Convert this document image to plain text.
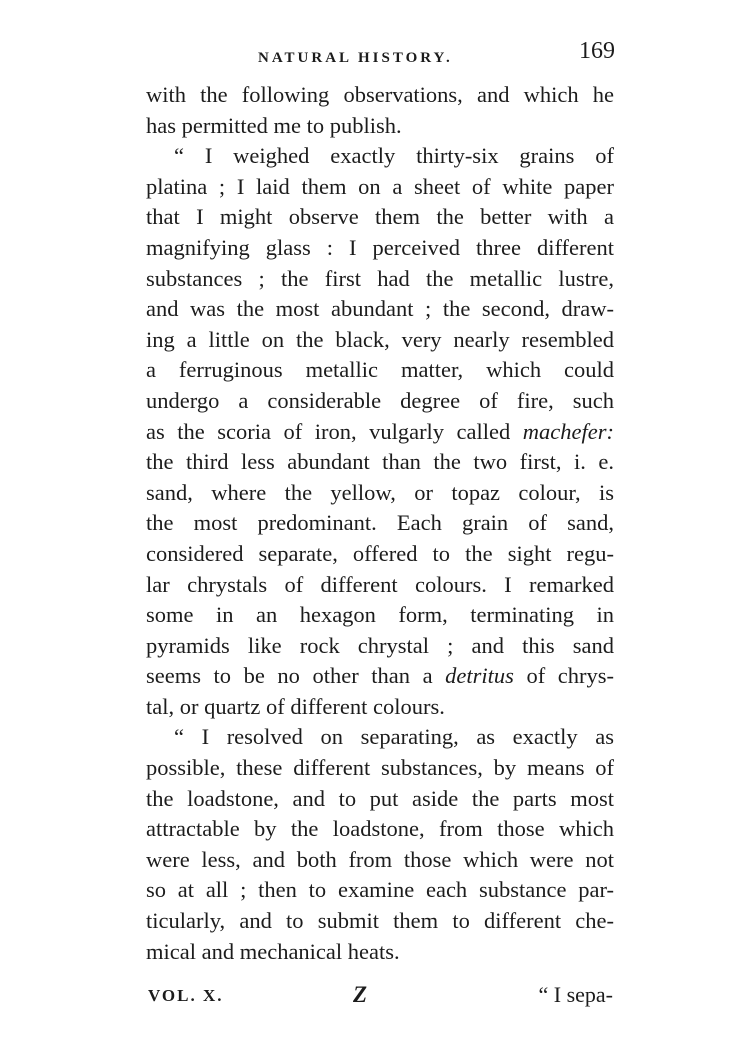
NATURAL HISTORY.	169
with the following observations, and which he
has permitted me to publish.
“ I weighed exactly thirty-six grains of
platina ; I laid them on a sheet of white paper
that I might observe them the better with a
magnifying glass : I perceived three different
substances ; the first had the metallic lustre,
and was the most abundant ; the second, draw-
ing a little on the black, very nearly resembled
a ferruginous metallic matter, which could
undergo a considerable degree of fire, such
as the scoria of iron, vulgarly called machefer:
the third less abundant than the two first, i. e.
sand, where the yellow, or topaz colour, is
the most predominant. Each grain of sand,
considered separate, offered to the sight regu-
lar chrystals of different colours. I remarked
some in an hexagon form, terminating in
pyramids like rock chrystal ; and this sand
seems to be no other than a detritus of chrys-
tal, or quartz of different colours.
“ I resolved on separating, as exactly as
possible, these different substances, by means of
the loadstone, and to put aside the parts most
attractable by the loadstone, from those which
were less, and both from those which were not
so at all ; then to examine each substance par-
ticularly, and to submit them to different che-
mical and mechanical heats.
VOL. X.	Z	“ I sepa-
